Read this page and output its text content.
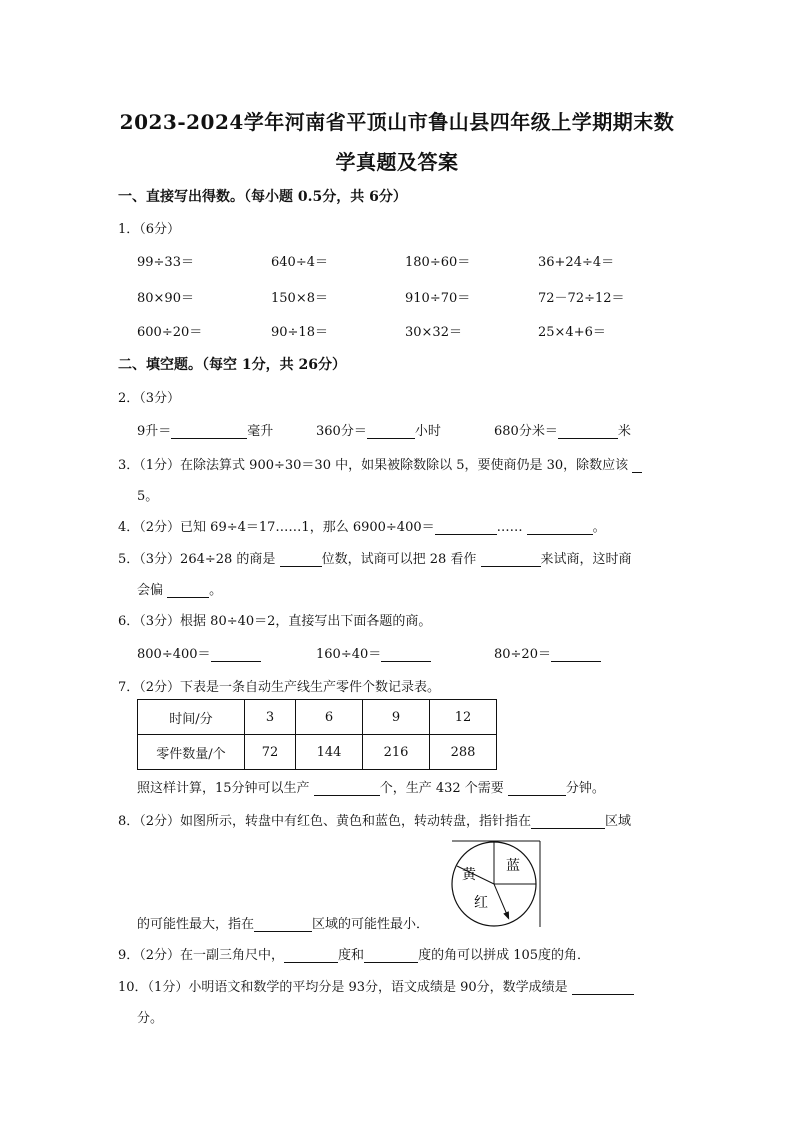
2023-2024学年河南省平顶山市鲁山县四年级上学期期末数
学真题及答案
一、直接写出得数。（每小题 0.5分，共 6分）
1．（6分）
99÷33＝	640÷4＝	180÷60＝	36+24÷4＝
80×90＝	150×8＝	910÷70＝	72－72÷12＝
600÷20＝	90÷18＝	30×32＝	25×4+6＝
二、填空题。（每空 1分，共 26分）
2．（3分）
9升＝	毫升	360分＝	小时	680分米＝	米
3．（1分）在除法算式 900÷30＝30 中，如果被除数除以 5，要使商仍是 30，除数应该
5。
4．（2分）已知 69÷4＝17……1，那么 6900÷400＝	……	。
5．（3分）264÷28 的商是	位数，试商可以把 28 看作	来试商，这时商
会偏	。
6．（3分）根据 80÷40＝2，直接写出下面各题的商。
800÷400＝	160÷40＝	80÷20＝
7．（2分）下表是一条自动生产线生产零件个数记录表。
时间/分	3	6	9	12
零件数量/个	72	144	216	288
照这样计算，15分钟可以生产	个，生产 432 个需要	分钟。
8．（2分）如图所示，转盘中有红色、黄色和蓝色，转动转盘，指针指在	区域
蓝
黄
红
的可能性最大，指在	区域的可能性最小．
9．（2分）在一副三角尺中，	度和	度的角可以拼成 105度的角．
10．（1分）小明语文和数学的平均分是 93分，语文成绩是 90分，数学成绩是
分。
